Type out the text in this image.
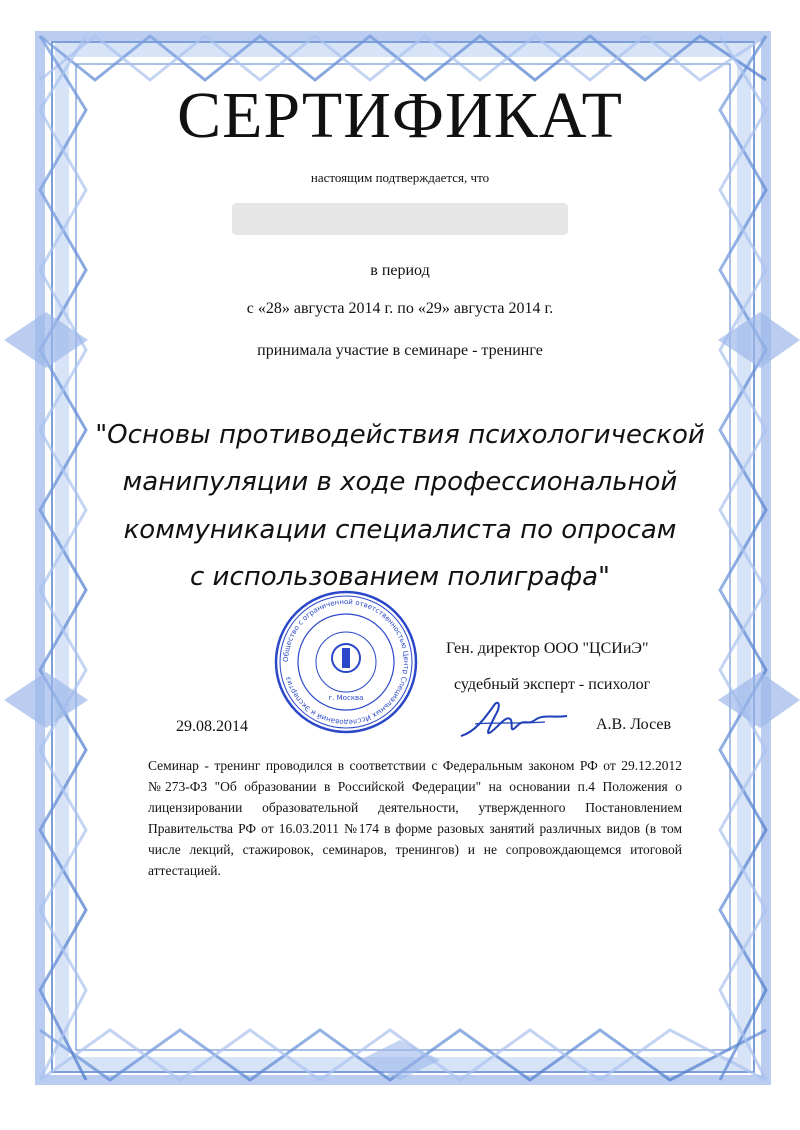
СЕРТИФИКАТ
настоящим подтверждается, что
в период
с «28» августа 2014 г. по «29» августа 2014 г.
принимала участие в семинаре - тренинге
"Основы противодействия психологической
манипуляции в ходе профессиональной
коммуникации специалиста по опросам
с использованием полиграфа"
Общество с ограниченной ответственностью Центр Специальных Исследований и Экспертиз
г. Москва
Ген. директор ООО "ЦСИиЭ"
судебный эксперт - психолог
29.08.2014	А.В. Лосев
Семинар - тренинг проводился в соответствии с Федеральным законом РФ от 29.12.2012 №273-ФЗ "Об образовании в Российской Федерации" на основании п.4 Положения о лицензировании образовательной деятельности, утвержденного Постановлением Правительства РФ от 16.03.2011 №174 в форме разовых занятий различных видов (в том числе лекций, стажировок, семинаров, тренингов) и не сопровождающемся итоговой аттестацией.
